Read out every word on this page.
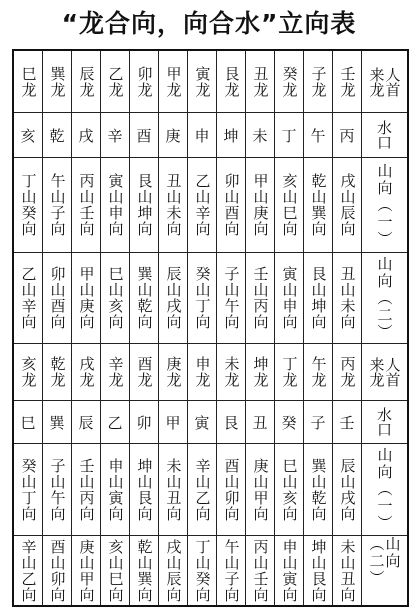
“龙合向，向合水”立向表
巳龙 巽龙 辰龙 乙龙 卯龙 甲龙 寅龙 艮龙 丑龙 癸龙 子龙 壬龙 人首
来龙
亥 乾 戌 辛 酉 庚 申 坤 未 丁 午 丙 水口
丁山癸向 午山子向 丙山壬向 寅山申向 艮山坤向 丑山未向 乙山辛向 卯山酉向 甲山庚向 亥山巳向 乾山巽向 戌山辰向 山向（一）
乙山辛向 卯山酉向 甲山庚向 巳山亥向 巽山乾向 辰山戌向 癸山丁向 子山午向 壬山丙向 寅山申向 艮山坤向 丑山未向 山向（二）
亥龙 乾龙 戌龙 辛龙 酉龙 庚龙 申龙 未龙 坤龙 丁龙 午龙 丙龙 人首
来龙
巳 巽 辰 乙 卯 甲 寅 艮 丑 癸 子 壬 水口
癸山丁向 子山午向 壬山丙向 申山寅向 坤山艮向 未山丑向 辛山乙向 酉山卯向 庚山甲向 巳山亥向 巽山乾向 辰山戌向 山向（一）
辛山乙向 酉山卯向 庚山甲向 亥山巳向 乾山巽向 戌山辰向 丁山癸向 午山子向 丙山壬向 申山寅向 坤山艮向 未山丑向	山向（二）
